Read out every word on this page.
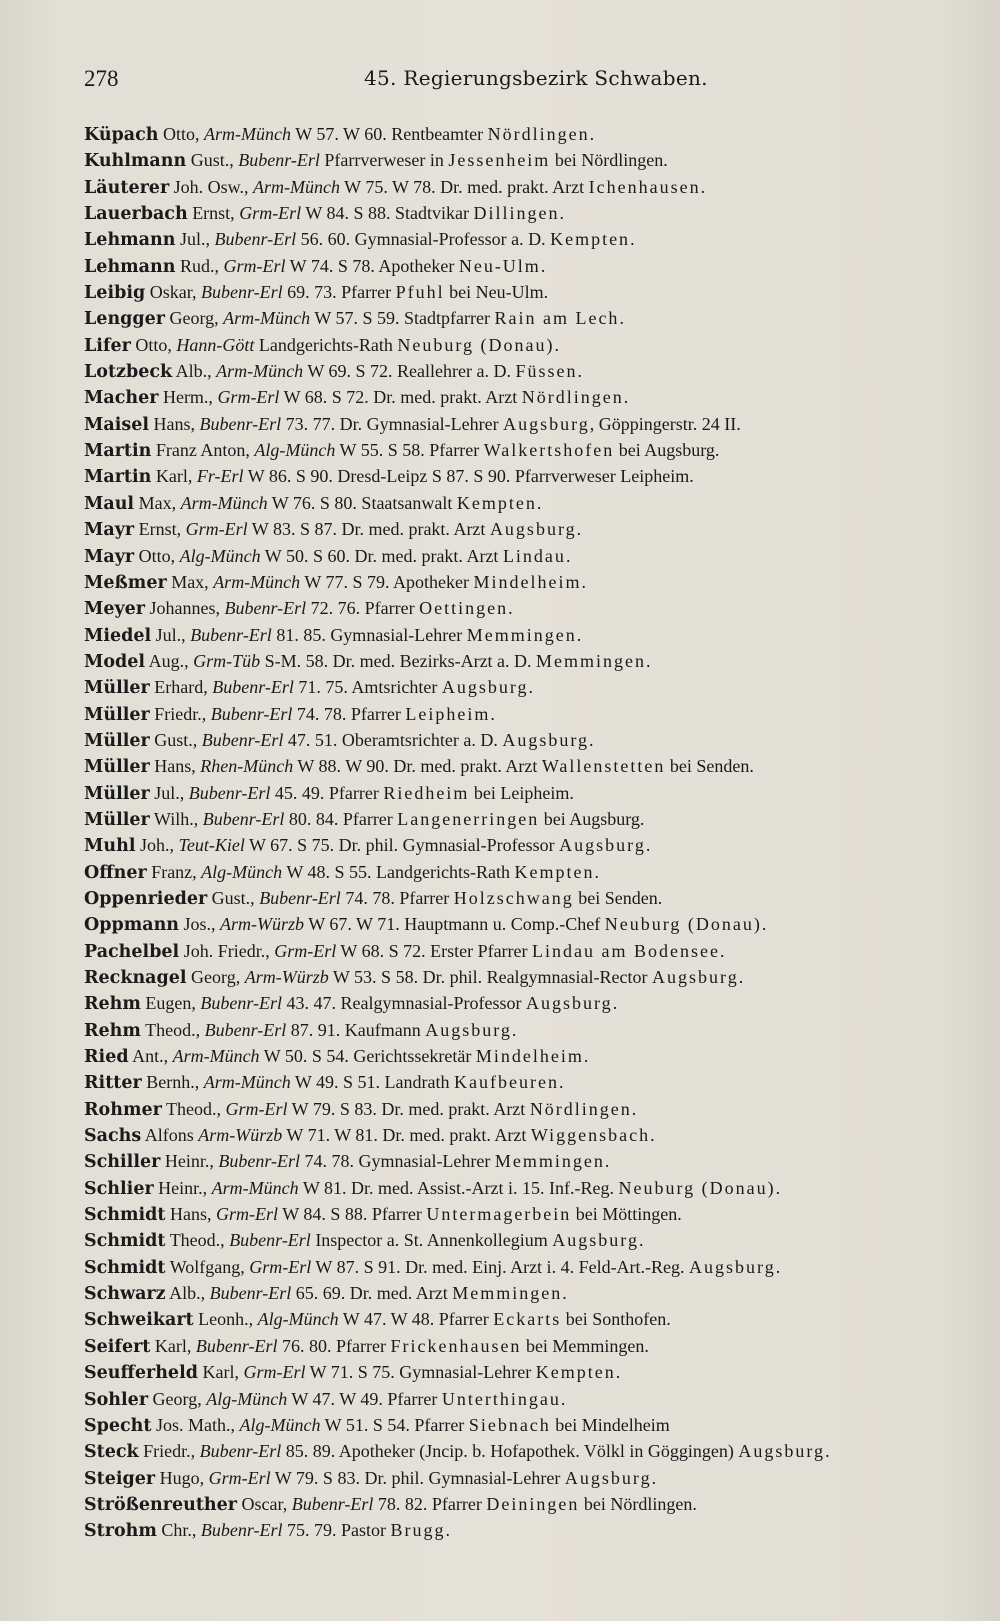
278	45. Regierungsbezirk Schwaben.
Küpach Otto, Arm-Münch W 57. W 60. Rentbeamter Nördlingen.
Kuhlmann Gust., Bubenr-Erl Pfarrverweser in Jessenheim bei Nördlingen.
Läuterer Joh. Osw., Arm-Münch W 75. W 78. Dr. med. prakt. Arzt Ichenhausen.
Lauerbach Ernst, Grm-Erl W 84. S 88. Stadtvikar Dillingen.
Lehmann Jul., Bubenr-Erl 56. 60. Gymnasial-Professor a. D. Kempten.
Lehmann Rud., Grm-Erl W 74. S 78. Apotheker Neu-Ulm.
Leibig Oskar, Bubenr-Erl 69. 73. Pfarrer Pfuhl bei Neu-Ulm.
Lengger Georg, Arm-Münch W 57. S 59. Stadtpfarrer Rain am Lech.
Lifer Otto, Hann-Gött Landgerichts-Rath Neuburg (Donau).
Lotzbeck Alb., Arm-Münch W 69. S 72. Reallehrer a. D. Füssen.
Macher Herm., Grm-Erl W 68. S 72. Dr. med. prakt. Arzt Nördlingen.
Maisel Hans, Bubenr-Erl 73. 77. Dr. Gymnasial-Lehrer Augsburg, Göppingerstr. 24 II.
Martin Franz Anton, Alg-Münch W 55. S 58. Pfarrer Walkertshofen bei Augsburg.
Martin Karl, Fr-Erl W 86. S 90. Dresd-Leipz S 87. S 90. Pfarrverweser Leipheim.
Maul Max, Arm-Münch W 76. S 80. Staatsanwalt Kempten.
Mayr Ernst, Grm-Erl W 83. S 87. Dr. med. prakt. Arzt Augsburg.
Mayr Otto, Alg-Münch W 50. S 60. Dr. med. prakt. Arzt Lindau.
Meßmer Max, Arm-Münch W 77. S 79. Apotheker Mindelheim.
Meyer Johannes, Bubenr-Erl 72. 76. Pfarrer Oettingen.
Miedel Jul., Bubenr-Erl 81. 85. Gymnasial-Lehrer Memmingen.
Model Aug., Grm-Tüb S-M. 58. Dr. med. Bezirks-Arzt a. D. Memmingen.
Müller Erhard, Bubenr-Erl 71. 75. Amtsrichter Augsburg.
Müller Friedr., Bubenr-Erl 74. 78. Pfarrer Leipheim.
Müller Gust., Bubenr-Erl 47. 51. Oberamtsrichter a. D. Augsburg.
Müller Hans, Rhen-Münch W 88. W 90. Dr. med. prakt. Arzt Wallenstetten bei Senden.
Müller Jul., Bubenr-Erl 45. 49. Pfarrer Riedheim bei Leipheim.
Müller Wilh., Bubenr-Erl 80. 84. Pfarrer Langenerringen bei Augsburg.
Muhl Joh., Teut-Kiel W 67. S 75. Dr. phil. Gymnasial-Professor Augsburg.
Offner Franz, Alg-Münch W 48. S 55. Landgerichts-Rath Kempten.
Oppenrieder Gust., Bubenr-Erl 74. 78. Pfarrer Holzschwang bei Senden.
Oppmann Jos., Arm-Würzb W 67. W 71. Hauptmann u. Comp.-Chef Neuburg (Donau).
Pachelbel Joh. Friedr., Grm-Erl W 68. S 72. Erster Pfarrer Lindau am Bodensee.
Recknagel Georg, Arm-Würzb W 53. S 58. Dr. phil. Realgymnasial-Rector Augsburg.
Rehm Eugen, Bubenr-Erl 43. 47. Realgymnasial-Professor Augsburg.
Rehm Theod., Bubenr-Erl 87. 91. Kaufmann Augsburg.
Ried Ant., Arm-Münch W 50. S 54. Gerichtssekretär Mindelheim.
Ritter Bernh., Arm-Münch W 49. S 51. Landrath Kaufbeuren.
Rohmer Theod., Grm-Erl W 79. S 83. Dr. med. prakt. Arzt Nördlingen.
Sachs Alfons Arm-Würzb W 71. W 81. Dr. med. prakt. Arzt Wiggensbach.
Schiller Heinr., Bubenr-Erl 74. 78. Gymnasial-Lehrer Memmingen.
Schlier Heinr., Arm-Münch W 81. Dr. med. Assist.-Arzt i. 15. Inf.-Reg. Neuburg (Donau).
Schmidt Hans, Grm-Erl W 84. S 88. Pfarrer Untermagerbein bei Möttingen.
Schmidt Theod., Bubenr-Erl Inspector a. St. Annenkollegium Augsburg.
Schmidt Wolfgang, Grm-Erl W 87. S 91. Dr. med. Einj. Arzt i. 4. Feld-Art.-Reg. Augsburg.
Schwarz Alb., Bubenr-Erl 65. 69. Dr. med. Arzt Memmingen.
Schweikart Leonh., Alg-Münch W 47. W 48. Pfarrer Eckarts bei Sonthofen.
Seifert Karl, Bubenr-Erl 76. 80. Pfarrer Frickenhausen bei Memmingen.
Seufferheld Karl, Grm-Erl W 71. S 75. Gymnasial-Lehrer Kempten.
Sohler Georg, Alg-Münch W 47. W 49. Pfarrer Unterthingau.
Specht Jos. Math., Alg-Münch W 51. S 54. Pfarrer Siebnach bei Mindelheim
Steck Friedr., Bubenr-Erl 85. 89. Apotheker (Jncip. b. Hofapothek. Völkl in Göggingen) Augsburg.
Steiger Hugo, Grm-Erl W 79. S 83. Dr. phil. Gymnasial-Lehrer Augsburg.
Strößenreuther Oscar, Bubenr-Erl 78. 82. Pfarrer Deiningen bei Nördlingen.
Strohm Chr., Bubenr-Erl 75. 79. Pastor Brugg.
